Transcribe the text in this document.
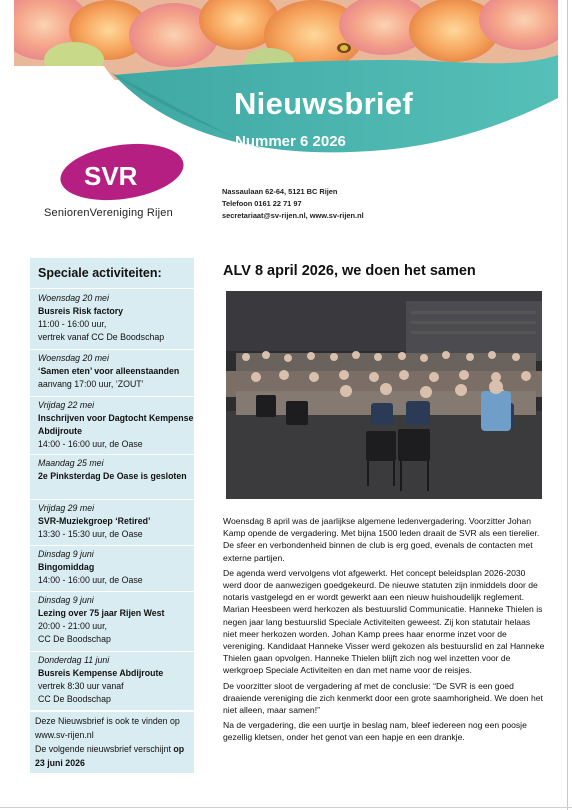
Nieuwsbrief
Nummer 6 2026
SVR
SeniorenVereniging Rijen
Nassaulaan 62-64, 5121 BC Rijen
Telefoon 0161 22 71 97
secretariaat@sv-rijen.nl, www.sv-rijen.nl
Speciale activiteiten:
Woensdag 20 mei
Busreis Risk factory
11:00 - 16:00 uur,
vertrek vanaf CC De Boodschap
Woensdag 20 mei
‘Samen eten’ voor alleenstaanden
aanvang 17:00 uur, ‘ZOUT’
Vrijdag 22 mei
Inschrijven voor Dagtocht Kempense Abdijroute
14:00 - 16:00 uur, de Oase
Maandag 25 mei
2e Pinksterdag De Oase is gesloten
Vrijdag 29 mei
SVR-Muziekgroep ‘Retired’
13:30 - 15:30 uur, de Oase
Dinsdag 9 juni
Bingomiddag
14:00 - 16:00 uur, de Oase
Dinsdag 9 juni
Lezing over 75 jaar Rijen West
20:00 - 21:00 uur,
CC De Boodschap
Donderdag 11 juni
Busreis Kempense Abdijroute
vertrek 8:30 uur vanaf
CC De Boodschap
Deze Nieuwsbrief is ook te vinden op www.sv-rijen.nl
De volgende nieuwsbrief verschijnt op 23 juni 2026
ALV 8 april 2026, we doen het samen

Woensdag 8 april was de jaarlijkse algemene ledenvergadering. Voorzitter Johan Kamp opende de vergadering. Met bijna 1500 leden draait de SVR als een tierelier. De sfeer en verbondenheid binnen de club is erg goed, evenals de contacten met externe partijen.

De agenda werd vervolgens vlot afgewerkt. Het concept beleidsplan 2026-2030 werd door de aanwezigen goedgekeurd. De nieuwe statuten zijn inmiddels door de notaris vastgelegd en er wordt gewerkt aan een nieuw huishoudelijk reglement. Marian Heesbeen werd herkozen als bestuurslid Communicatie. Hanneke Thielen is negen jaar lang bestuurslid Speciale Activiteiten geweest. Zij kon statutair helaas niet meer herkozen worden. Johan Kamp prees haar enorme inzet voor de vereniging. Kandidaat Hanneke Visser werd gekozen als bestuurslid en zal Hanneke Thielen gaan opvolgen. Hanneke Thielen blijft zich nog wel inzetten voor de werkgroep Speciale Activiteiten en dan met name voor de reisjes.

De voorzitter sloot de vergadering af met de conclusie: “De SVR is een goed draaiende vereniging die zich kenmerkt door een grote saamhorigheid. We doen het niet alleen, maar samen!”

Na de vergadering, die een uurtje in beslag nam, bleef iedereen nog een poosje gezellig kletsen, onder het genot van een hapje en een drankje.
